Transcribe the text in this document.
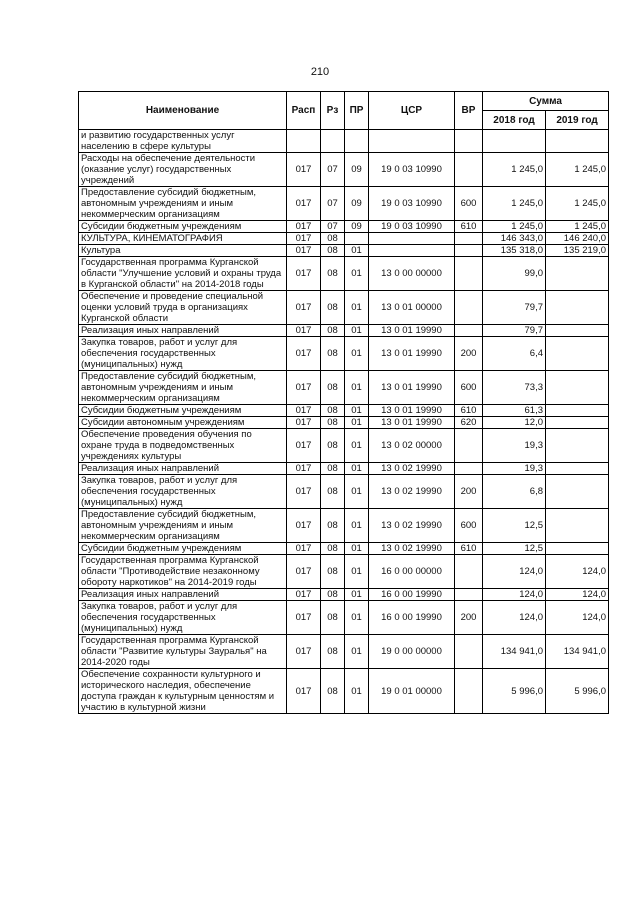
210
Наименование	Расп	Рз	ПР	ЦСР	ВР	Сумма	
						2018 год	2019 год
и развитию государственных услуг населению в сфере культуры							
Расходы на обеспечение деятельности (оказание услуг) государственных учреждений	017	07	09	19 0 03 10990		1 245,0	1 245,0
Предоставление субсидий бюджетным, автономным учреждениям и иным некоммерческим организациям	017	07	09	19 0 03 10990	600	1 245,0	1 245,0
Субсидии бюджетным учреждениям	017	07	09	19 0 03 10990	610	1 245,0	1 245,0
КУЛЬТУРА, КИНЕМАТОГРАФИЯ	017	08				146 343,0	146 240,0
Культура	017	08	01			135 318,0	135 219,0
Государственная программа Курганской области "Улучшение условий и охраны труда в Курганской области" на 2014-2018 годы	017	08	01	13 0 00 00000		99,0	
Обеспечение и проведение специальной оценки условий труда в организациях Курганской области	017	08	01	13 0 01 00000		79,7	
Реализация иных направлений	017	08	01	13 0 01 19990		79,7	
Закупка товаров, работ и услуг для обеспечения государственных (муниципальных) нужд	017	08	01	13 0 01 19990	200	6,4	
Предоставление субсидий бюджетным, автономным учреждениям и иным некоммерческим организациям	017	08	01	13 0 01 19990	600	73,3	
Субсидии бюджетным учреждениям	017	08	01	13 0 01 19990	610	61,3	
Субсидии автономным учреждениям	017	08	01	13 0 01 19990	620	12,0	
Обеспечение проведения обучения по охране труда в подведомственных учреждениях культуры	017	08	01	13 0 02 00000		19,3	
Реализация иных направлений	017	08	01	13 0 02 19990		19,3	
Закупка товаров, работ и услуг для обеспечения государственных (муниципальных) нужд	017	08	01	13 0 02 19990	200	6,8	
Предоставление субсидий бюджетным, автономным учреждениям и иным некоммерческим организациям	017	08	01	13 0 02 19990	600	12,5	
Субсидии бюджетным учреждениям	017	08	01	13 0 02 19990	610	12,5	
Государственная программа Курганской области "Противодействие незаконному обороту наркотиков" на 2014-2019 годы	017	08	01	16 0 00 00000		124,0	124,0
Реализация иных направлений	017	08	01	16 0 00 19990		124,0	124,0
Закупка товаров, работ и услуг для обеспечения государственных (муниципальных) нужд	017	08	01	16 0 00 19990	200	124,0	124,0
Государственная программа Курганской области "Развитие культуры Зауралья" на 2014-2020 годы	017	08	01	19 0 00 00000		134 941,0	134 941,0
Обеспечение сохранности культурного и исторического наследия, обеспечение доступа граждан к культурным ценностям и участию в культурной жизни	017	08	01	19 0 01 00000		5 996,0	5 996,0
